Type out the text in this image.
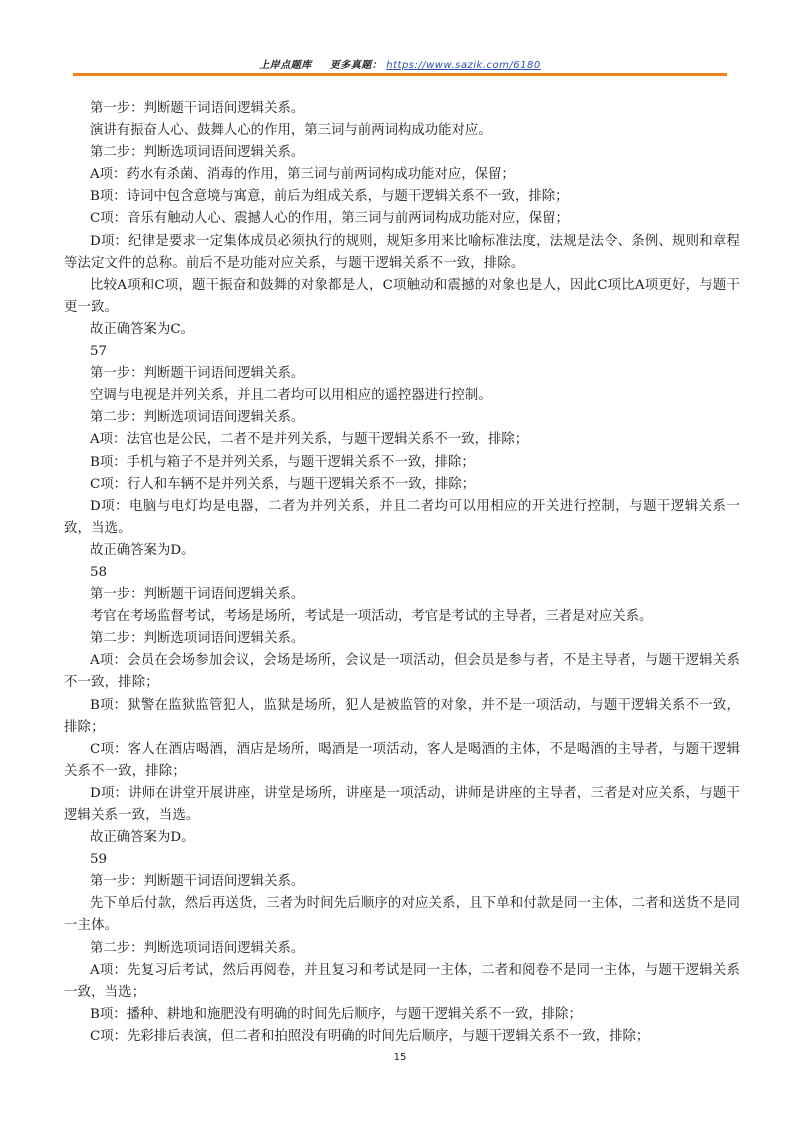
上岸点题库 更多真题： https://www.sazik.com/6180
第一步：判断题干词语间逻辑关系。
演讲有振奋人心、鼓舞人心的作用，第三词与前两词构成功能对应。
第二步：判断选项词语间逻辑关系。
A项：药水有杀菌、消毒的作用，第三词与前两词构成功能对应，保留；
B项：诗词中包含意境与寓意，前后为组成关系，与题干逻辑关系不一致，排除；
C项：音乐有触动人心、震撼人心的作用，第三词与前两词构成功能对应，保留；
D项：纪律是要求一定集体成员必须执行的规则，规矩多用来比喻标准法度，法规是法令、条例、规则和章程等法定文件的总称。前后不是功能对应关系，与题干逻辑关系不一致，排除。
比较A项和C项，题干振奋和鼓舞的对象都是人，C项触动和震撼的对象也是人，因此C项比A项更好，与题干更一致。
故正确答案为C。
57
第一步：判断题干词语间逻辑关系。
空调与电视是并列关系，并且二者均可以用相应的遥控器进行控制。
第二步：判断选项词语间逻辑关系。
A项：法官也是公民，二者不是并列关系，与题干逻辑关系不一致，排除；
B项：手机与箱子不是并列关系，与题干逻辑关系不一致，排除；
C项：行人和车辆不是并列关系，与题干逻辑关系不一致，排除；
D项：电脑与电灯均是电器，二者为并列关系，并且二者均可以用相应的开关进行控制，与题干逻辑关系一致，当选。
故正确答案为D。
58
第一步：判断题干词语间逻辑关系。
考官在考场监督考试，考场是场所，考试是一项活动，考官是考试的主导者，三者是对应关系。
第二步：判断选项词语间逻辑关系。
A项：会员在会场参加会议，会场是场所，会议是一项活动，但会员是参与者，不是主导者，与题干逻辑关系不一致，排除；
B项：狱警在监狱监管犯人，监狱是场所，犯人是被监管的对象，并不是一项活动，与题干逻辑关系不一致，排除；
C项：客人在酒店喝酒，酒店是场所，喝酒是一项活动，客人是喝酒的主体，不是喝酒的主导者，与题干逻辑关系不一致，排除；
D项：讲师在讲堂开展讲座，讲堂是场所，讲座是一项活动，讲师是讲座的主导者，三者是对应关系，与题干逻辑关系一致，当选。
故正确答案为D。
59
第一步：判断题干词语间逻辑关系。
先下单后付款，然后再送货，三者为时间先后顺序的对应关系，且下单和付款是同一主体，二者和送货不是同一主体。
第二步：判断选项词语间逻辑关系。
A项：先复习后考试，然后再阅卷，并且复习和考试是同一主体，二者和阅卷不是同一主体，与题干逻辑关系一致，当选；
B项：播种、耕地和施肥没有明确的时间先后顺序，与题干逻辑关系不一致，排除；
C项：先彩排后表演，但二者和拍照没有明确的时间先后顺序，与题干逻辑关系不一致，排除；
15
